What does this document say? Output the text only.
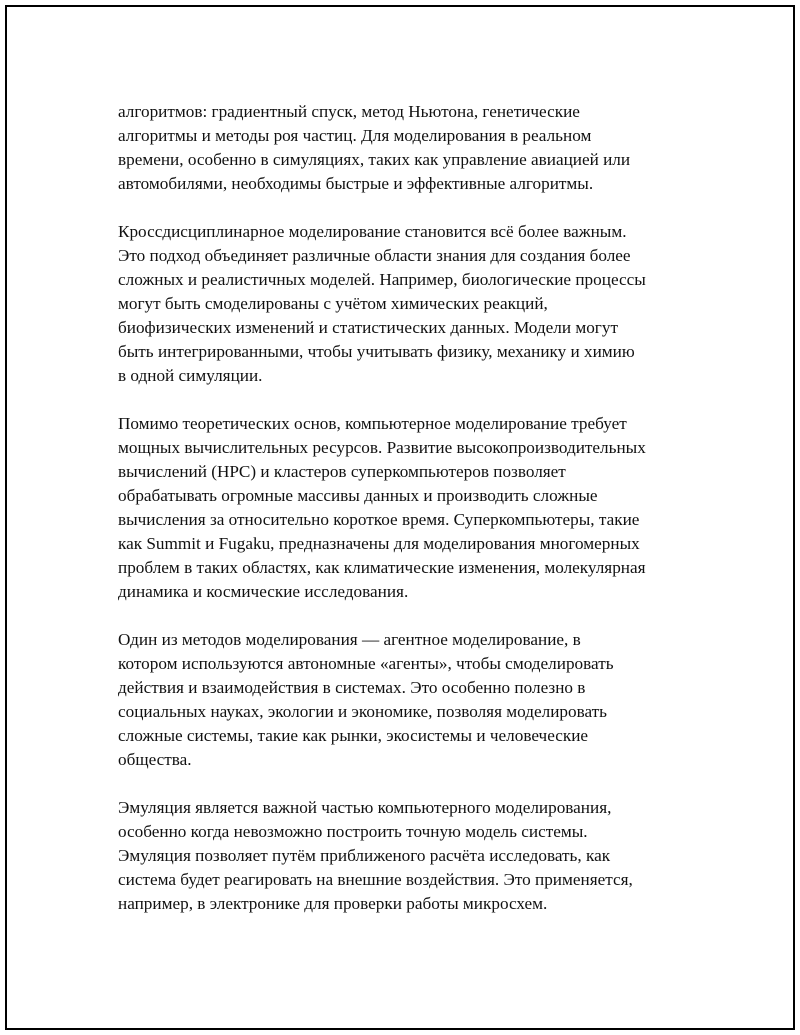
алгоритмов: градиентный спуск, метод Ньютона, генетические
алгоритмы и методы роя частиц. Для моделирования в реальном
времени, особенно в симуляциях, таких как управление авиацией или
автомобилями, необходимы быстрые и эффективные алгоритмы.

Кроссдисциплинарное моделирование становится всё более важным.
Это подход объединяет различные области знания для создания более
сложных и реалистичных моделей. Например, биологические процессы
могут быть смоделированы с учётом химических реакций,
биофизических изменений и статистических данных. Модели могут
быть интегрированными, чтобы учитывать физику, механику и химию
в одной симуляции.

Помимо теоретических основ, компьютерное моделирование требует
мощных вычислительных ресурсов. Развитие высокопроизводительных
вычислений (HPC) и кластеров суперкомпьютеров позволяет
обрабатывать огромные массивы данных и производить сложные
вычисления за относительно короткое время. Суперкомпьютеры, такие
как Summit и Fugaku, предназначены для моделирования многомерных
проблем в таких областях, как климатические изменения, молекулярная
динамика и космические исследования.

Один из методов моделирования — агентное моделирование, в
котором используются автономные «агенты», чтобы смоделировать
действия и взаимодействия в системах. Это особенно полезно в
социальных науках, экологии и экономике, позволяя моделировать
сложные системы, такие как рынки, экосистемы и человеческие
общества.

Эмуляция является важной частью компьютерного моделирования,
особенно когда невозможно построить точную модель системы.
Эмуляция позволяет путём приближеного расчёта исследовать, как
система будет реагировать на внешние воздействия. Это применяется,
например, в электронике для проверки работы микросхем.
